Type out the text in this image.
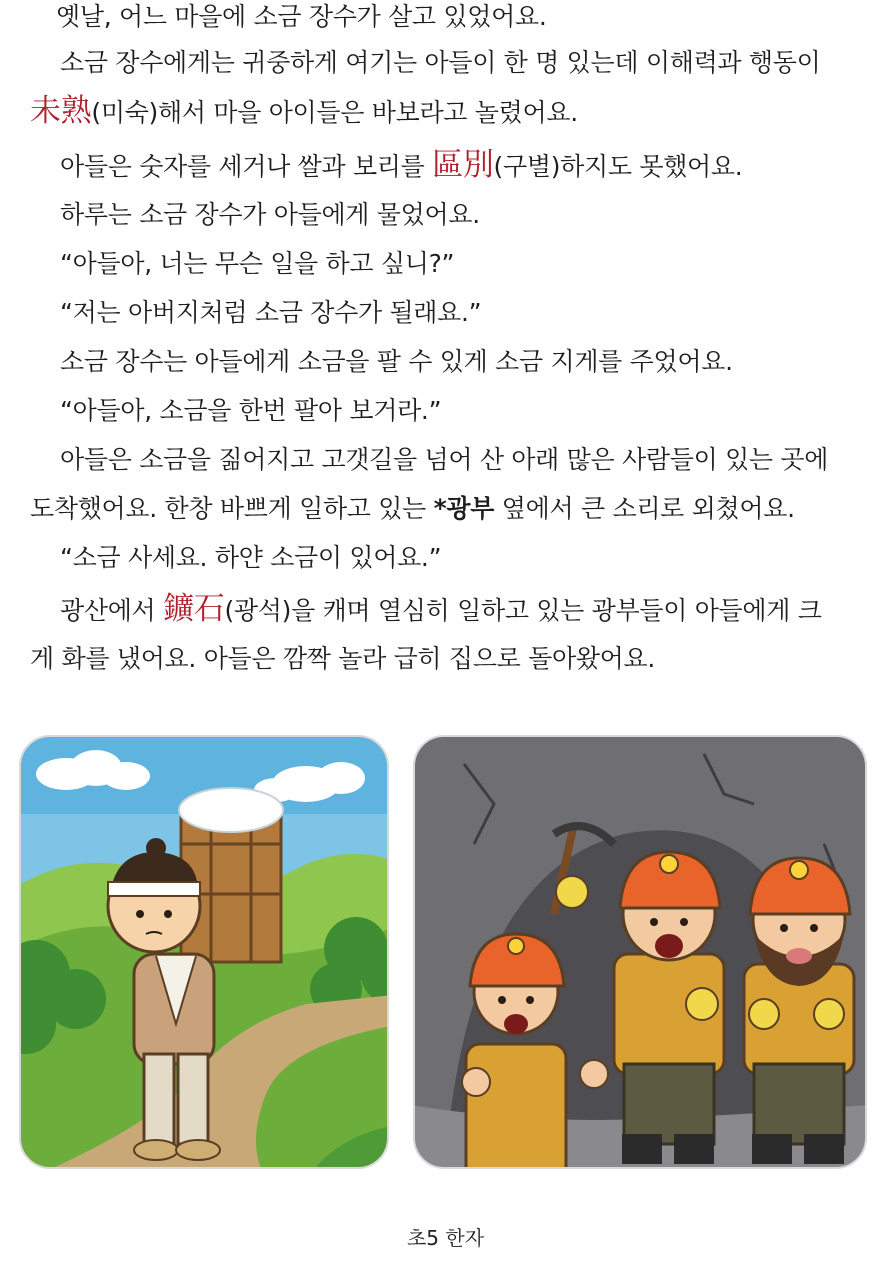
옛날, 어느 마을에 소금 장수가 살고 있었어요.
소금 장수에게는 귀중하게 여기는 아들이 한 명 있는데 이해력과 행동이
未熟(미숙)해서 마을 아이들은 바보라고 놀렸어요.
아들은 숫자를 세거나 쌀과 보리를 區別(구별)하지도 못했어요.
하루는 소금 장수가 아들에게 물었어요.
“아들아, 너는 무슨 일을 하고 싶니?”
“저는 아버지처럼 소금 장수가 될래요.”
소금 장수는 아들에게 소금을 팔 수 있게 소금 지게를 주었어요.
“아들아, 소금을 한번 팔아 보거라.”
아들은 소금을 짊어지고 고갯길을 넘어 산 아래 많은 사람들이 있는 곳에
도착했어요. 한창 바쁘게 일하고 있는 *광부 옆에서 큰 소리로 외쳤어요.
“소금 사세요. 하얀 소금이 있어요.”
광산에서 鑛石(광석)을 캐며 열심히 일하고 있는 광부들이 아들에게 크
게 화를 냈어요. 아들은 깜짝 놀라 급히 집으로 돌아왔어요.
초5 한자
